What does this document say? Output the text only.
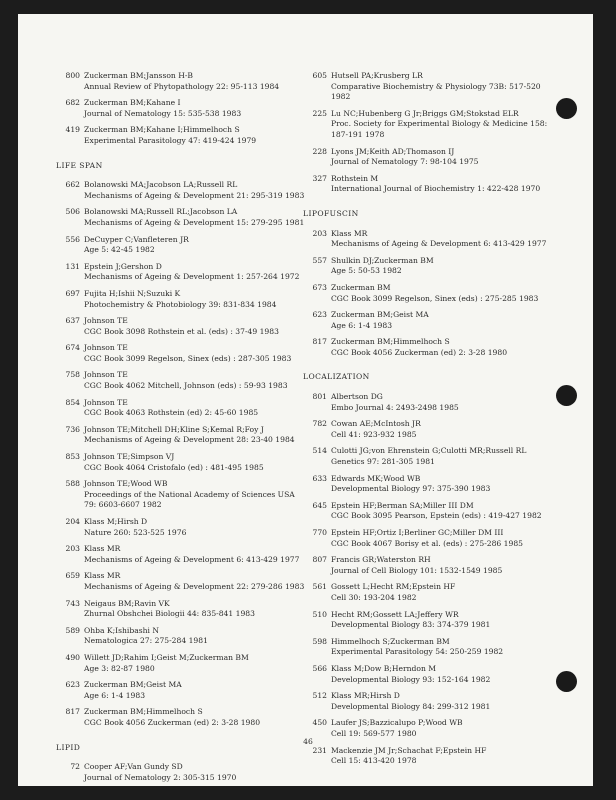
800 Zuckerman BM;Jansson H-B
Annual Review of Phytopathology 22: 95-113 1984
682 Zuckerman BM;Kahane I
Journal of Nematology 15: 535-538 1983
419 Zuckerman BM;Kahane I;Himmelhoch S
Experimental Parasitology 47: 419-424 1979
LIFE SPAN
662 Bolanowski MA;Jacobson LA;Russell RL
Mechanisms of Ageing & Development 21: 295-319 1983
506 Bolanowski MA;Russell RL;Jacobson LA
Mechanisms of Ageing & Development 15: 279-295 1981
556 DeCuyper C;Vanfleteren JR
Age 5: 42-45 1982
131 Epstein J;Gershon D
Mechanisms of Ageing & Development 1: 257-264 1972
697 Fujita H;Ishii N;Suzuki K
Photochemistry & Photobiology 39: 831-834 1984
637 Johnson TE
CGC Book 3098 Rothstein et al. (eds) : 37-49 1983
674 Johnson TE
CGC Book 3099 Regelson, Sinex (eds) : 287-305 1983
758 Johnson TE
CGC Book 4062 Mitchell, Johnson (eds) : 59-93 1983
854 Johnson TE
CGC Book 4063 Rothstein (ed) 2: 45-60 1985
736 Johnson TE;Mitchell DH;Kline S;Kemal R;Foy J
Mechanisms of Ageing & Development 28: 23-40 1984
853 Johnson TE;Simpson VJ
CGC Book 4064 Cristofalo (ed) : 481-495 1985
588 Johnson TE;Wood WB
Proceedings of the National Academy of Sciences USA
79: 6603-6607 1982
204 Klass M;Hirsh D
Nature 260: 523-525 1976
203 Klass MR
Mechanisms of Ageing & Development 6: 413-429 1977
659 Klass MR
Mechanisms of Ageing & Development 22: 279-286 1983
743 Neigaus BM;Ravin VK
Zhurnal Obshchei Biologii 44: 835-841 1983
589 Ohba K;Ishibashi N
Nematologica 27: 275-284 1981
490 Willett JD;Rahim I;Geist M;Zuckerman BM
Age 3: 82-87 1980
623 Zuckerman BM;Geist MA
Age 6: 1-4 1983
817 Zuckerman BM;Himmelhoch S
CGC Book 4056 Zuckerman (ed) 2: 3-28 1980
LIPID
72 Cooper AF;Van Gundy SD
Journal of Nematology 2: 305-315 1970
605 Hutsell PA;Krusberg LR
Comparative Biochemistry & Physiology 73B: 517-520
1982
225 Lu NC;Hubenberg G Jr;Briggs GM;Stokstad ELR
Proc. Society for Experimental Biology & Medicine 158:
187-191 1978
228 Lyons JM;Keith AD;Thomason IJ
Journal of Nematology 7: 98-104 1975
327 Rothstein M
International Journal of Biochemistry 1: 422-428 1970
LIPOFUSCIN
203 Klass MR
Mechanisms of Ageing & Development 6: 413-429 1977
557 Shulkin DJ;Zuckerman BM
Age 5: 50-53 1982
673 Zuckerman BM
CGC Book 3099 Regelson, Sinex (eds) : 275-285 1983
623 Zuckerman BM;Geist MA
Age 6: 1-4 1983
817 Zuckerman BM;Himmelhoch S
CGC Book 4056 Zuckerman (ed) 2: 3-28 1980
LOCALIZATION
801 Albertson DG
Embo Journal 4: 2493-2498 1985
782 Cowan AE;McIntosh JR
Cell 41: 923-932 1985
514 Culotti JG;von Ehrenstein G;Culotti MR;Russell RL
Genetics 97: 281-305 1981
633 Edwards MK;Wood WB
Developmental Biology 97: 375-390 1983
645 Epstein HF;Berman SA;Miller III DM
CGC Book 3095 Pearson, Epstein (eds) : 419-427 1982
770 Epstein HF;Ortiz I;Berliner GC;Miller DM III
CGC Book 4067 Borisy et al. (eds) : 275-286 1985
807 Francis GR;Waterston RH
Journal of Cell Biology 101: 1532-1549 1985
561 Gossett L;Hecht RM;Epstein HF
Cell 30: 193-204 1982
510 Hecht RM;Gossett LA;Jeffery WR
Developmental Biology 83: 374-379 1981
598 Himmelhoch S;Zuckerman BM
Experimental Parasitology 54: 250-259 1982
566 Klass M;Dow B;Herndon M
Developmental Biology 93: 152-164 1982
512 Klass MR;Hirsh D
Developmental Biology 84: 299-312 1981
450 Laufer JS;Bazzicalupo P;Wood WB
Cell 19: 569-577 1980
231 Mackenzie JM Jr;Schachat F;Epstein HF
Cell 15: 413-420 1978
46
